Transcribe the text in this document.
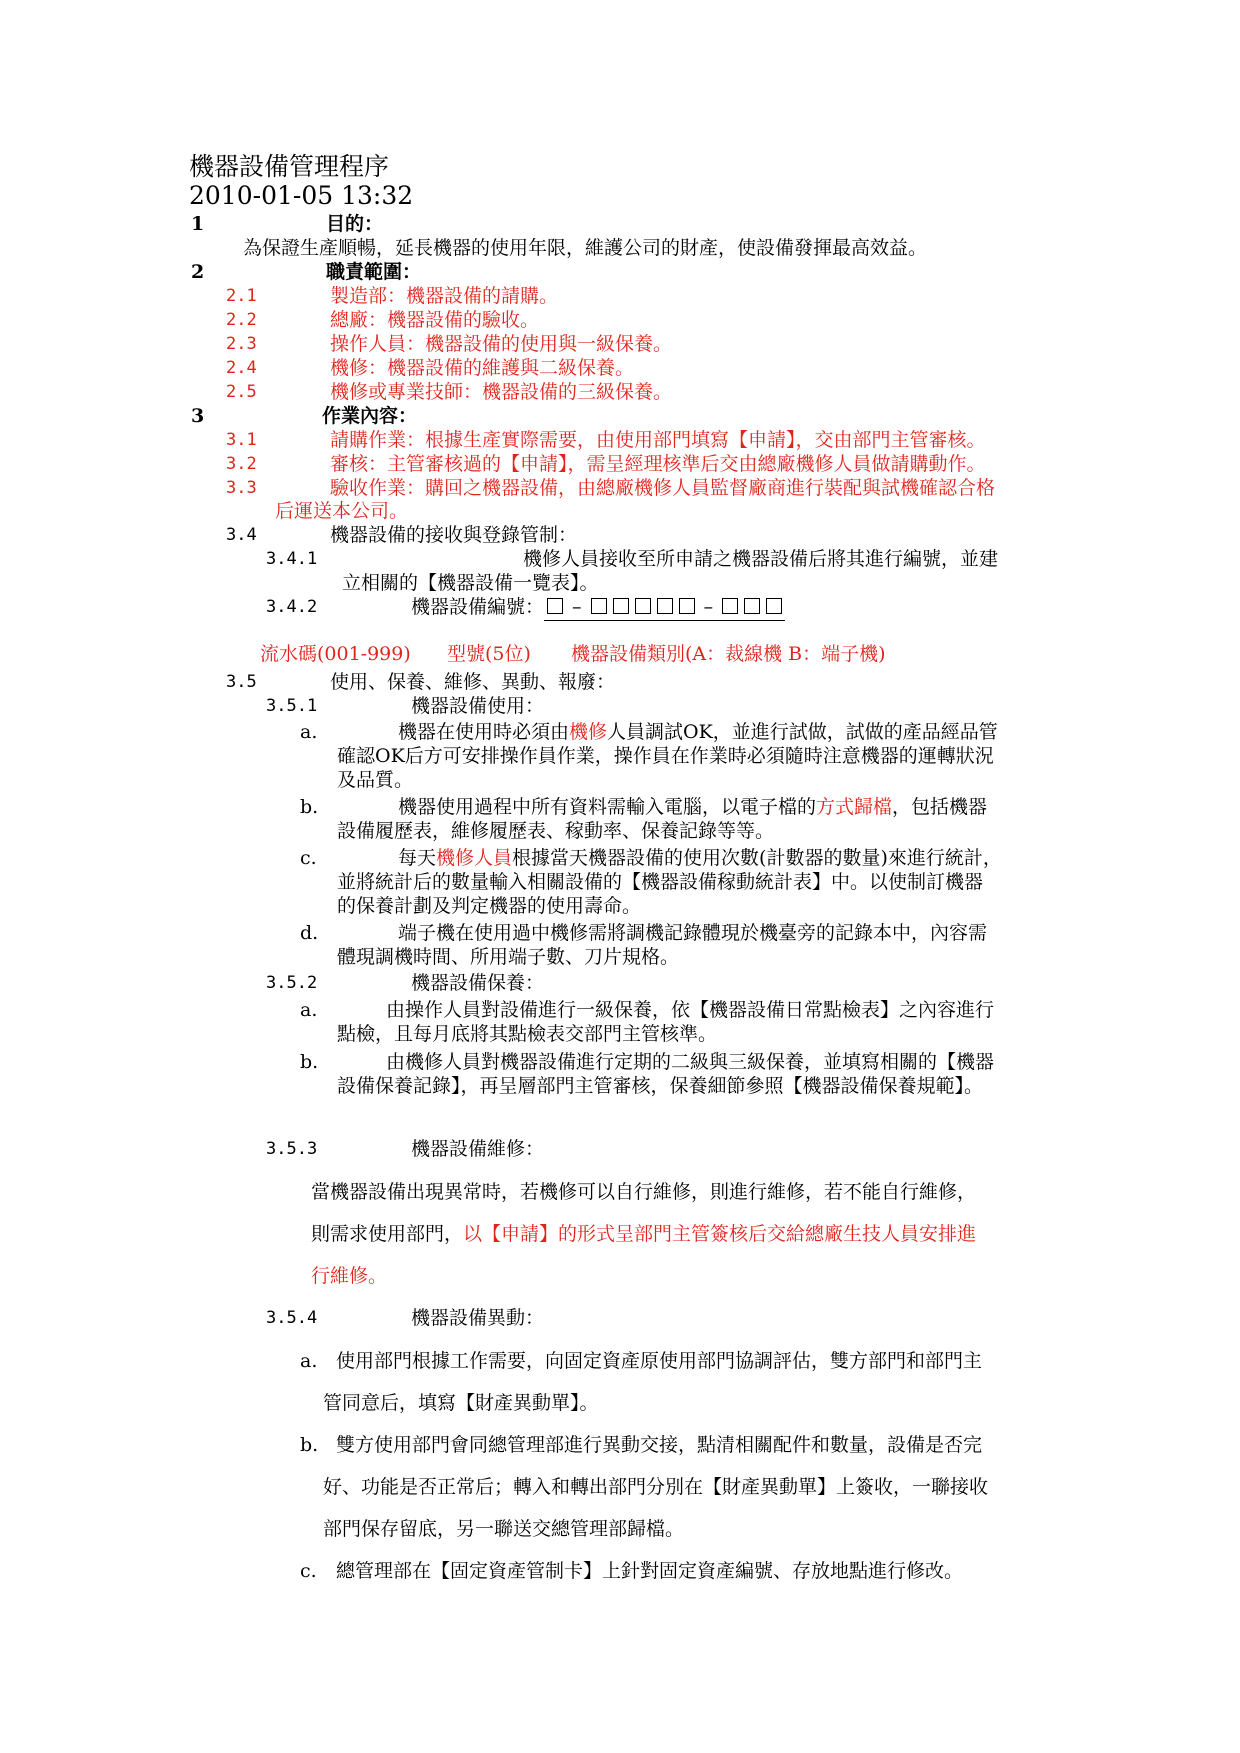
機器設備管理程序
2010-01-05 13:32
1	目的：
為保證生產順暢，延長機器的使用年限，維護公司的財產，使設備發揮最高效益。
2	職責範圍：
2.1	製造部：機器設備的請購。
2.2	總廠：機器設備的驗收。
2.3	操作人員：機器設備的使用與一級保養。
2.4	機修：機器設備的維護與二級保養。
2.5	機修或專業技師：機器設備的三級保養。
3	作業內容：
3.1	請購作業：根據生產實際需要，由使用部門填寫【申請】，交由部門主管審核。
3.2	審核：主管審核過的【申請】，需呈經理核準后交由總廠機修人員做請購動作。
3.3	驗收作業：購回之機器設備，由總廠機修人員監督廠商進行裝配與試機確認合格
后運送本公司。
3.4	機器設備的接收與登錄管制：
3.4.1	機修人員接收至所申請之機器設備后將其進行編號，並建
立相關的【機器設備一覽表】。
3.4.2	機器設備編號： –	–
流水碼(001-999) 型號(5位) 機器設備類別(A：裁線機 B：端子機)
3.5	使用、保養、維修、異動、報廢：
3.5.1	機器設備使用：
a.	機器在使用時必須由機修人員調試OK，並進行試做，試做的產品經品管
確認OK后方可安排操作員作業，操作員在作業時必須隨時注意機器的運轉狀況
及品質。
b.	機器使用過程中所有資料需輸入電腦，以電子檔的方式歸檔，包括機器
設備履歷表，維修履歷表、稼動率、保養記錄等等。
c.	每天機修人員根據當天機器設備的使用次數(計數器的數量)來進行統計，
並將統計后的數量輸入相關設備的【機器設備稼動統計表】中。以使制訂機器
的保養計劃及判定機器的使用壽命。
d.	端子機在使用過中機修需將調機記錄體現於機臺旁的記錄本中，內容需
體現調機時間、所用端子數、刀片規格。
3.5.2	機器設備保養：
a.	由操作人員對設備進行一級保養，依【機器設備日常點檢表】之內容進行
點檢，且每月底將其點檢表交部門主管核準。
b.	由機修人員對機器設備進行定期的二級與三級保養，並填寫相關的【機器
設備保養記錄】，再呈層部門主管審核，保養細節參照【機器設備保養規範】。
3.5.3	機器設備維修：
當機器設備出現異常時，若機修可以自行維修，則進行維修，若不能自行維修，
則需求使用部門，以【申請】的形式呈部門主管簽核后交給總廠生技人員安排進
行維修。
3.5.4	機器設備異動：
a. 使用部門根據工作需要，向固定資產原使用部門協調評估，雙方部門和部門主
管同意后，填寫【財產異動單】。
b. 雙方使用部門會同總管理部進行異動交接，點清相關配件和數量，設備是否完
好、功能是否正常后；轉入和轉出部門分別在【財產異動單】上簽收，一聯接收
部門保存留底，另一聯送交總管理部歸檔。
c. 總管理部在【固定資產管制卡】上針對固定資產編號、存放地點進行修改。
